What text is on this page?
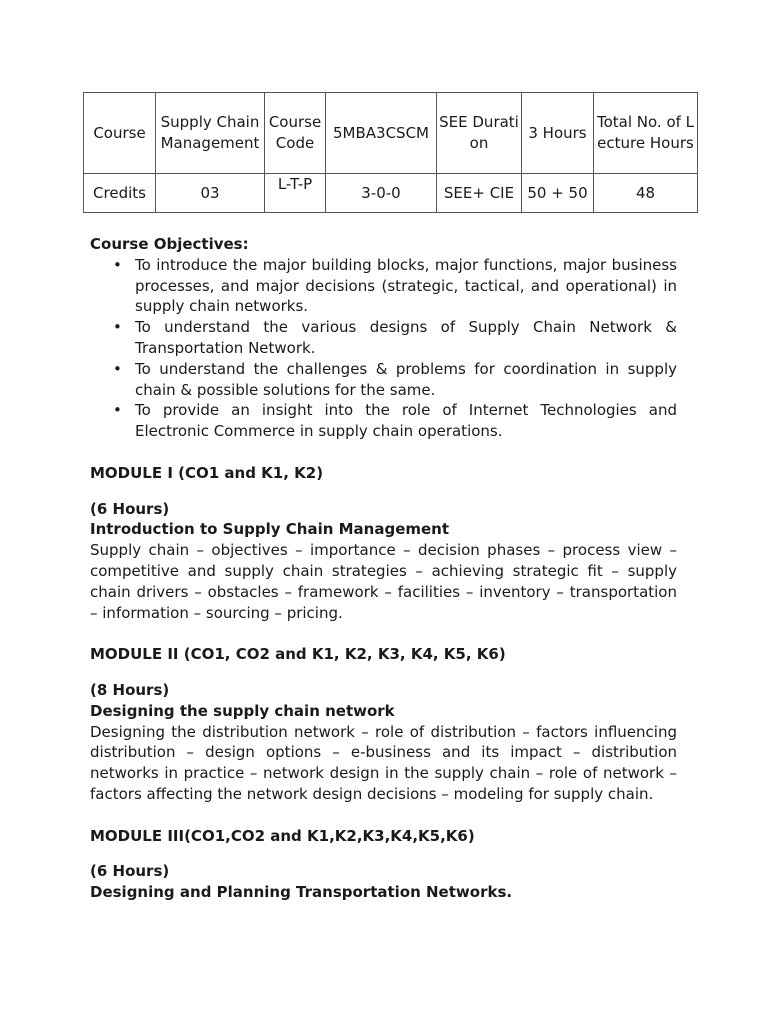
Course	Supply Chain Management	Course Code	5MBA3CSCM	SEE Duration	3 Hours	Total No. of Lecture Hours
Credits	03	L-T-P	3-0-0	SEE+ CIE	50 + 50	48

Course Objectives:

• To introduce the major building blocks, major functions, major business processes, and major decisions (strategic, tactical, and operational) in supply chain networks.
• To understand the various designs of Supply Chain Network & Transportation Network.
• To understand the challenges & problems for coordination in supply chain & possible solutions for the same.
• To provide an insight into the role of Internet Technologies and Electronic Commerce in supply chain operations.
MODULE I (CO1 and K1, K2)
(6 Hours)
Introduction to Supply Chain Management

Supply chain – objectives – importance – decision phases – process view – competitive and supply chain strategies – achieving strategic fit – supply chain drivers – obstacles – framework – facilities – inventory – transportation – information – sourcing – pricing.

MODULE II (CO1, CO2 and K1, K2, K3, K4, K5, K6)
(8 Hours)
Designing the supply chain network

Designing the distribution network – role of distribution – factors influencing distribution – design options – e-business and its impact – distribution networks in practice – network design in the supply chain – role of network – factors affecting the network design decisions – modeling for supply chain.

MODULE III(CO1,CO2 and K1,K2,K3,K4,K5,K6)
(6 Hours)
Designing and Planning Transportation Networks.
